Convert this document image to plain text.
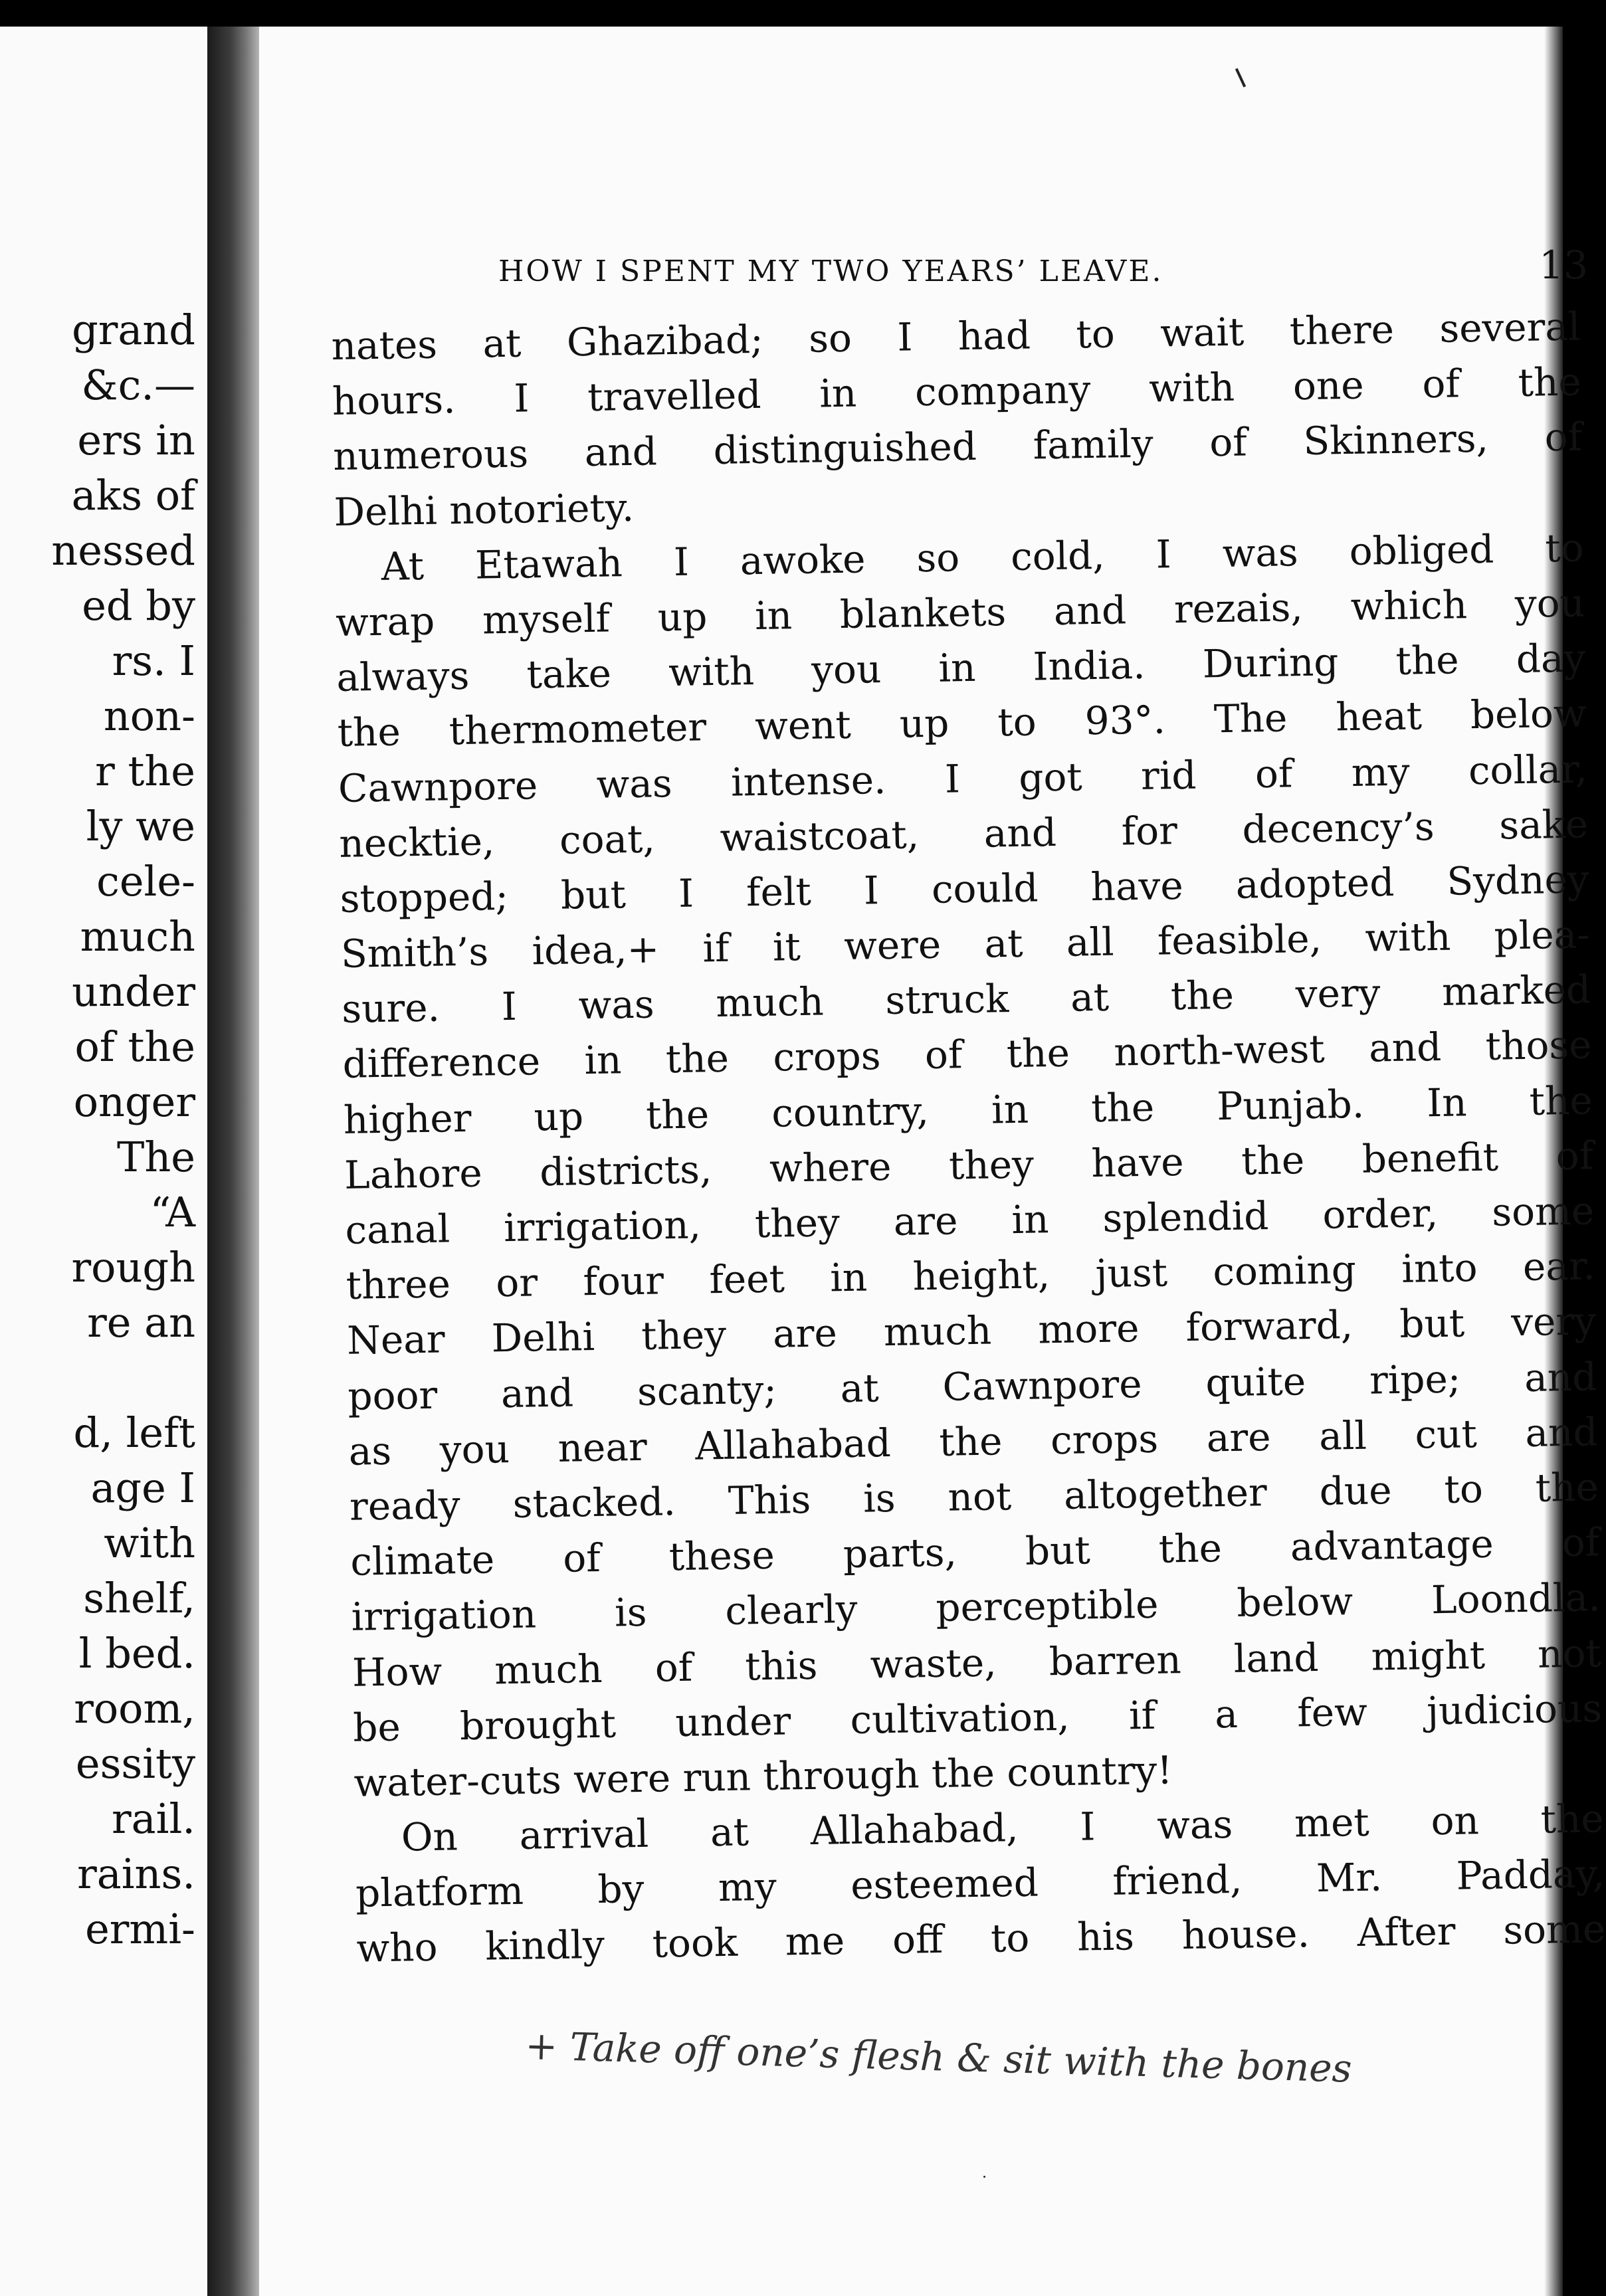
grand
&c.—
ers in
aks of
nessed
ed by
rs. I
non-
r the
ly we
cele-
much
under
of the
onger
The
“A
rough
re an
d, left
age I
with
shelf,
l bed.
room,
essity
rail.
rains.
ermi-
HOW I SPENT MY TWO YEARS’ LEAVE.	13

nates at Ghazibad; so I had to wait there several

hours. I travelled in company with one of the

numerous and distinguished family of Skinners, of

Delhi notoriety.

At Etawah I awoke so cold, I was obliged to

wrap myself up in blankets and rezais, which you

always take with you in India. During the day

the thermometer went up to 93°. The heat below

Cawnpore was intense. I got rid of my collar,

necktie, coat, waistcoat, and for decency’s sake

stopped; but I felt I could have adopted Sydney

Smith’s idea,+ if it were at all feasible, with plea-

sure. I was much struck at the very marked

difference in the crops of the north-west and those

higher up the country, in the Punjab. In the

Lahore districts, where they have the benefit of

canal irrigation, they are in splendid order, some

three or four feet in height, just coming into ear.

Near Delhi they are much more forward, but very

poor and scanty; at Cawnpore quite ripe; and

as you near Allahabad the crops are all cut and

ready stacked. This is not altogether due to the

climate of these parts, but the advantage of

irrigation is clearly perceptible below Loondla.

How much of this waste, barren land might not

be brought under cultivation, if a few judicious

water-cuts were run through the country!

On arrival at Allahabad, I was met on the

platform by my esteemed friend, Mr. Padday,

who kindly took me off to his house. After some

+ Take off one’s flesh & sit with the bones
